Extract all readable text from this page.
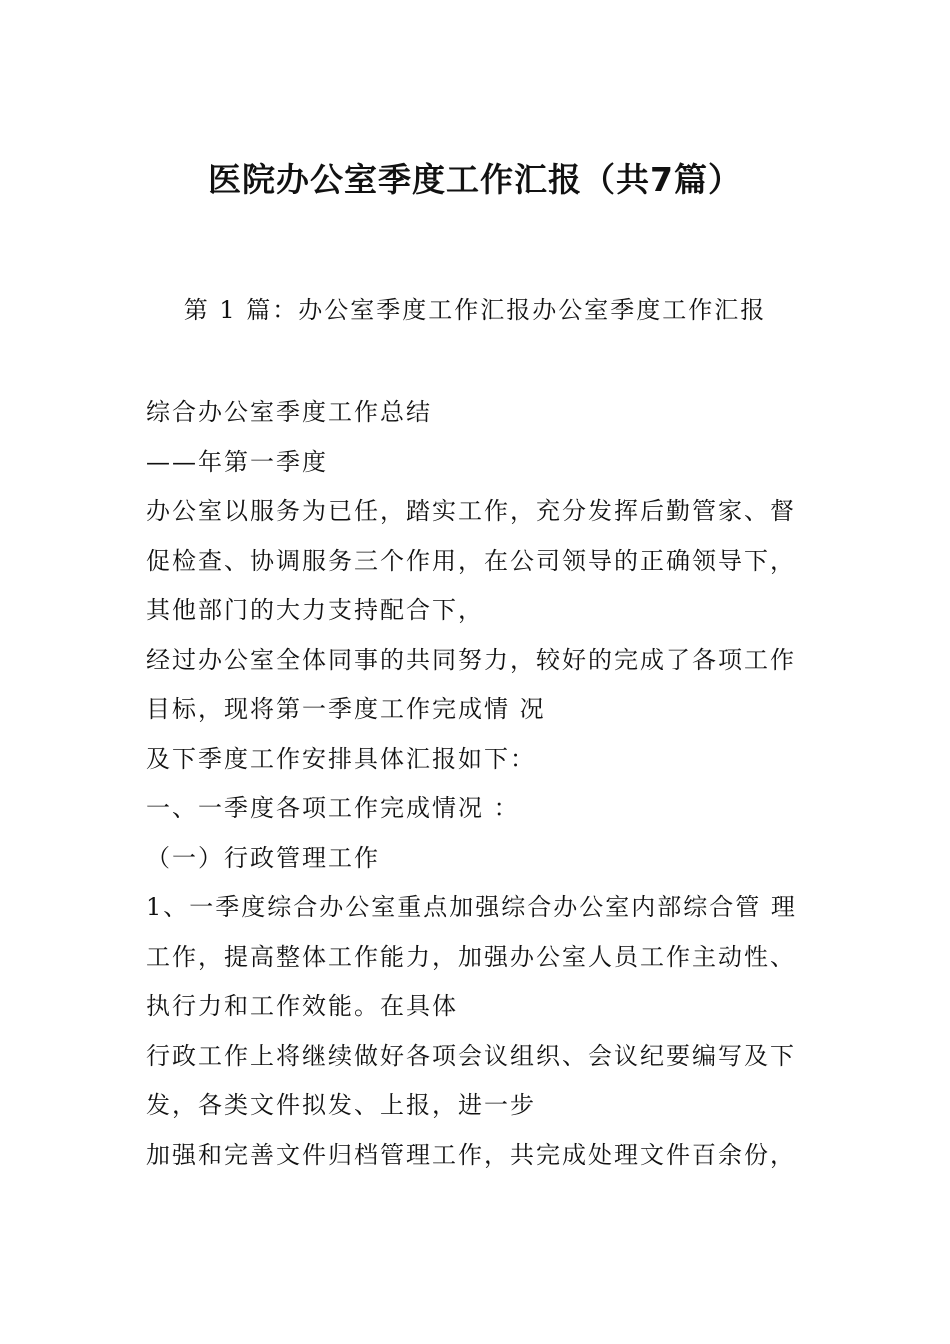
医院办公室季度工作汇报（共7篇）

第 1 篇：办公室季度工作汇报办公室季度工作汇报

综合办公室季度工作总结
——年第一季度
办公室以服务为已任，踏实工作，充分发挥后勤管家、督
促检查、协调服务三个作用，在公司领导的正确领导下，
其他部门的大力支持配合下，
经过办公室全体同事的共同努力，较好的完成了各项工作
目标，现将第一季度工作完成情 况
及下季度工作安排具体汇报如下：
一、一季度各项工作完成情况 ：
（一）行政管理工作
1、一季度综合办公室重点加强综合办公室内部综合管 理
工作，提高整体工作能力，加强办公室人员工作主动性、
执行力和工作效能。在具体
行政工作上将继续做好各项会议组织、会议纪要编写及下
发，各类文件拟发、上报，进一步
加强和完善文件归档管理工作，共完成处理文件百余份，
